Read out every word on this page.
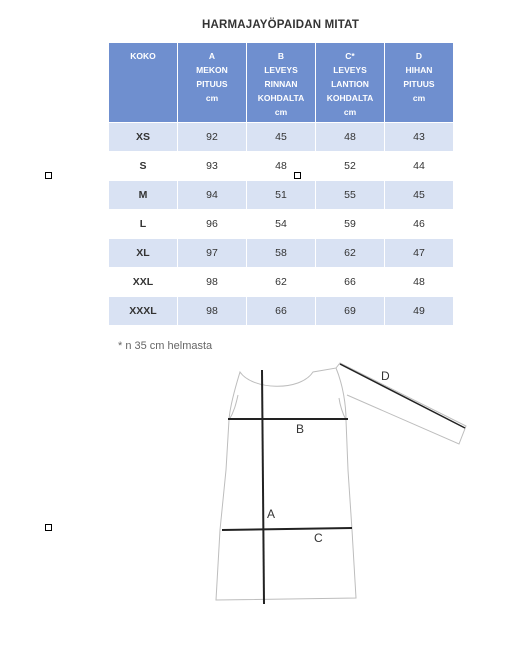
HARMAJAYÖPAIDAN MITAT
KOKO	A
MEKON
PITUUS
cm	B
LEVEYS
RINNAN
KOHDALTA
cm	C*
LEVEYS
LANTION
KOHDALTA
cm	D
HIHAN
PITUUS
cm

XS	92	45	48	43
S	93	48	52	44
M	94	51	55	45
L	96	54	59	46
XL	97	58	62	47
XXL	98	62	66	48
XXXL	98	66	69	49
* n 35 cm helmasta
A
B
C
D
